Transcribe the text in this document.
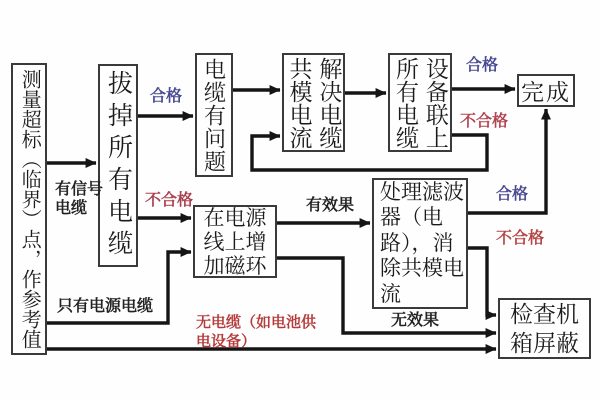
测量超标（临界）点，作参考值	拔掉所有电缆	电缆有问题	解决电缆共模电流	设备联上所有电缆	完成
在电源
线上增
加磁环
处理滤波
器（电
路），消
除共模电
流
检查机
箱屏蔽
合格
不合格
有信号
电缆
只有电源电缆
无电缆（如电池供
电设备）
合格
不合格
有效果
合格
不合格
无效果
